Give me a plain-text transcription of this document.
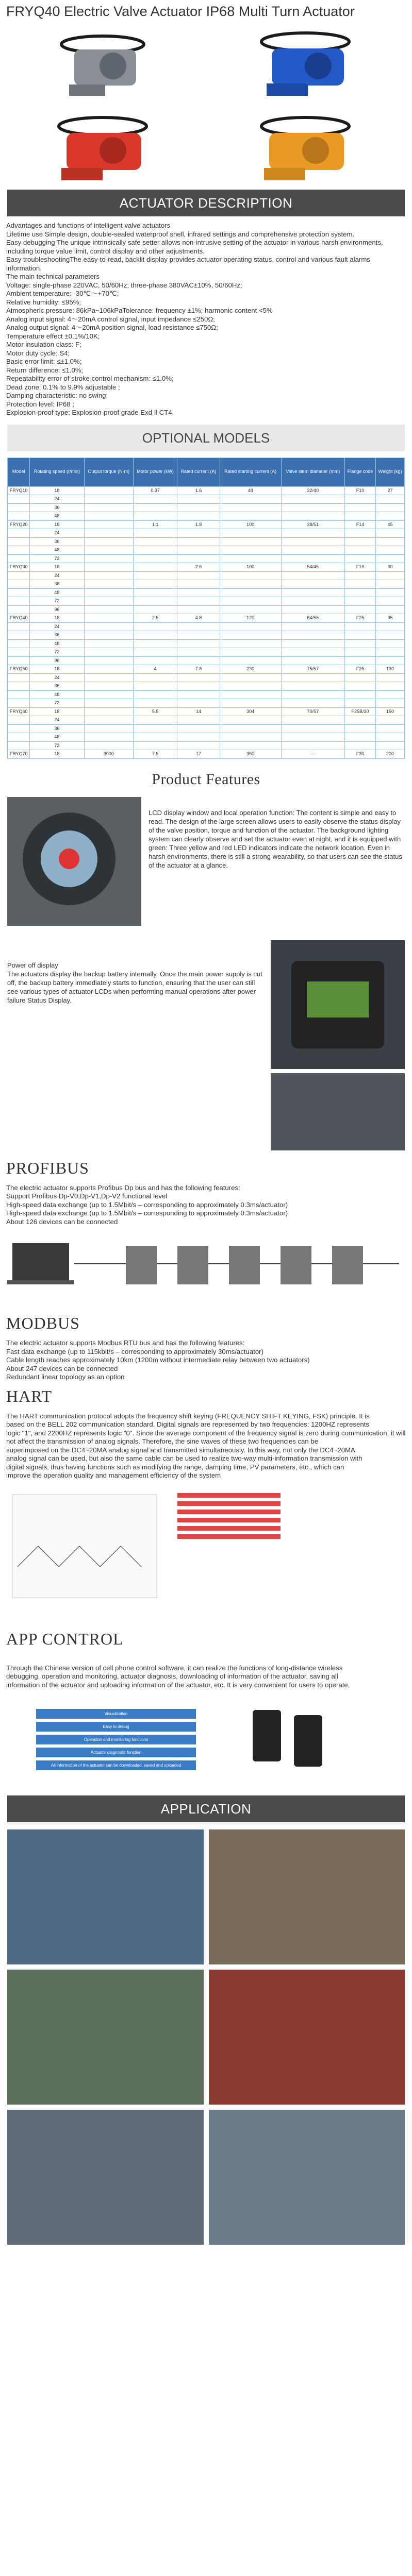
FRYQ40 Electric Valve Actuator IP68 Multi Turn Actuator
ACTUATOR DESCRIPTION
Advantages and functions of intelligent valve actuators
Lifetime use Simple design, double-sealed waterproof shell, infrared settings and comprehensive protection system.
Easy debugging The unique intrinsically safe setter allows non-intrusive setting of the actuator in various harsh environments, including torque value limit, control display and other adjustments.
Easy troubleshootingThe easy-to-read, backlit display provides actuator operating status, control and various fault alarms information.
The main technical parameters
Voltage: single-phase 220VAC, 50/60Hz; three-phase 380VAC±10%, 50/60Hz;
Ambient temperature: -30℃～+70℃;
Relative humidity: ≤95%;
Atmospheric pressure: 86kPa~106kPaTolerance: frequency ±1%; harmonic content <5%
Analog input signal: 4～20mA control signal, input impedance ≤250Ω;
Analog output signal: 4～20mA position signal, load resistance ≤750Ω;
Temperature effect ±0.1%/10K;
Motor insulation class: F;
Motor duty cycle: S4;
Basic error limit: ≤±1.0%;
Return difference: ≤1.0%;
Repeatability error of stroke control mechanism: ≤1.0%;
Dead zone: 0.1% to 9.9% adjustable ;
Damping characteristic: no swing;
Protection level: IP68 ;
Explosion-proof type: Explosion-proof grade Exd Ⅱ CT4.
OPTIONAL MODELS
Model	Rotating speed (r/min)	Output torque (N·m)	Motor power (kW)	Rated current (A)	Rated starting current (A)	Valve stem diameter (mm)	Flange code	Weight (kg)
FRYQ10	18		0.37	1.6	48	32/40	F10	27
	24							
	36							
	48							
FRYQ20	18		1.1	1.8	100	38/51	F14	45
	24							
	36							
	48							
	72							
FRYQ30	18			2.6	100	54/45	F16	60
	24							
	36							
	48							
	72							
	96							
FRYQ40	18		2.5	4.8	120	64/55	F25	95
	24							
	36							
	48							
	72							
	96							
FRYQ50	18		4	7.8	230	75/57	F25	130
	24							
	36							
	48							
	72							
FRYQ60	18		5.5	14	304	70/57	F25B/30	150
	24							
	36							
	48							
	72							
FRYQ70	18	3000	7.5	17	360	—	F30	200
Product Features
LCD display window and local operation function: The content is simple and easy to read. The design of the large screen allows users to easily observe the status display of the valve position, torque and function of the actuator. The background lighting system can clearly observe and set the actuator even at night, and it is equipped with green: Three yellow and red LED indicators indicate the network location. Even in harsh environments, there is still a strong wearability, so that users can see the status of the actuator at a glance.
Power off display
The actuators display the backup battery internally. Once the main power supply is cut off, the backup battery immediately starts to function, ensuring that the user can still see various types of actuator LCDs when performing manual operations after power failure Status Display.
PROFIBUS
The electric actuator supports Profibus Dp bus and has the following features:
Support Profibus Dp-V0,Dp-V1,Dp-V2 functional level
High-speed data exchange (up to 1.5Mbit/s – corresponding to approximately 0.3ms/actuator)
High-speed data exchange (up to 1.5Mbit/s – corresponding to approximately 0.3ms/actuator)
About 126 devices can be connected
MODBUS
The electric actuator supports Modbus RTU bus and has the following features:
Fast data exchange (up to 115kbit/s – corresponding to approximately 30ms/actuator)
Cable length reaches approximately 10km (1200m without intermediate relay between two actuators)
About 247 devices can be connected
Redundant linear topology as an option
HART
The HART communication protocol adopts the frequency shift keying (FREQUENCY SHIFT KEYING, FSK) principle. It is
based on the BELL 202 communication standard. Digital signals are represented by two frequencies: 1200HZ represents
logic "1", and 2200HZ represents logic "0". Since the average component of the frequency signal is zero during communication, it will not affect the transmission of analog signals. Therefore, the sine waves of these two frequencies can be
superimposed on the DC4~20MA analog signal and transmitted simultaneously. In this way, not only the DC4~20MA
analog signal can be used, but also the same cable can be used to realize two-way multi-information transmission with
digital signals, thus having functions such as modifying the range, damping time, PV parameters, etc., which can
improve the operation quality and management efficiency of the system
APP CONTROL
Through the Chinese version of cell phone control software, it can realize the functions of long-distance wireless
debugging, operation and monitoring, actuator diagnosis, downloading of information of the actuator, saving all
information of the actuator and uploading information of the actuator, etc. It is very convenient for users to operate,
Visualization
Easy to debug
Operation and monitoring functions
Actuator diagnostic function
All information of the actuator can be downloaded, saved and uploaded
APPLICATION
